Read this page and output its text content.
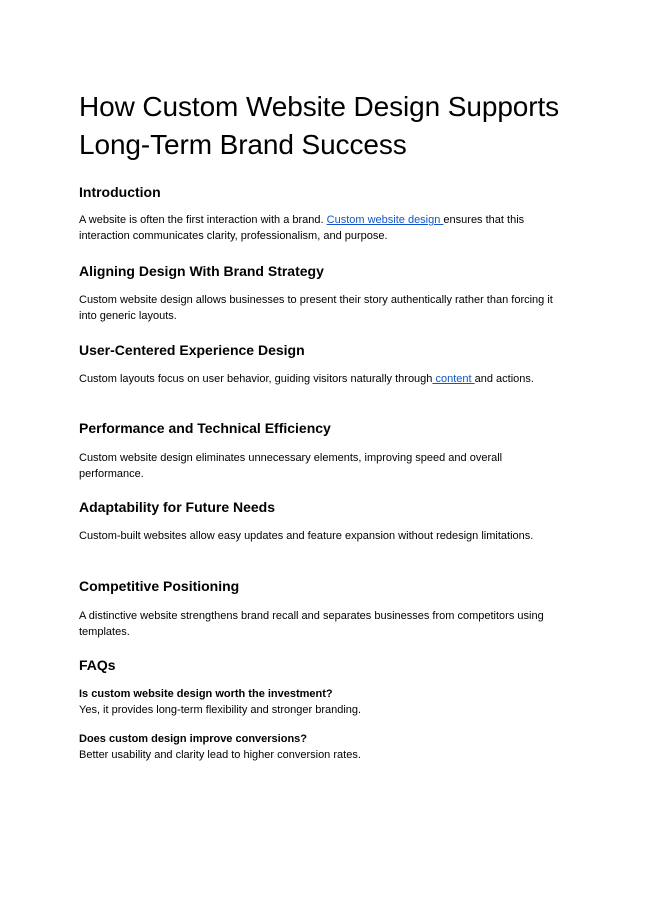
How Custom Website Design Supports Long-Term Brand Success
Introduction

A website is often the first interaction with a brand. Custom website design ensures that this interaction communicates clarity, professionalism, and purpose.

Aligning Design With Brand Strategy

Custom website design allows businesses to present their story authentically rather than forcing it into generic layouts.

User-Centered Experience Design

Custom layouts focus on user behavior, guiding visitors naturally through content and actions.

Performance and Technical Efficiency

Custom website design eliminates unnecessary elements, improving speed and overall performance.

Adaptability for Future Needs

Custom-built websites allow easy updates and feature expansion without redesign limitations.

Competitive Positioning

A distinctive website strengthens brand recall and separates businesses from competitors using templates.

FAQs

Is custom website design worth the investment?

Yes, it provides long-term flexibility and stronger branding.

Does custom design improve conversions?

Better usability and clarity lead to higher conversion rates.
